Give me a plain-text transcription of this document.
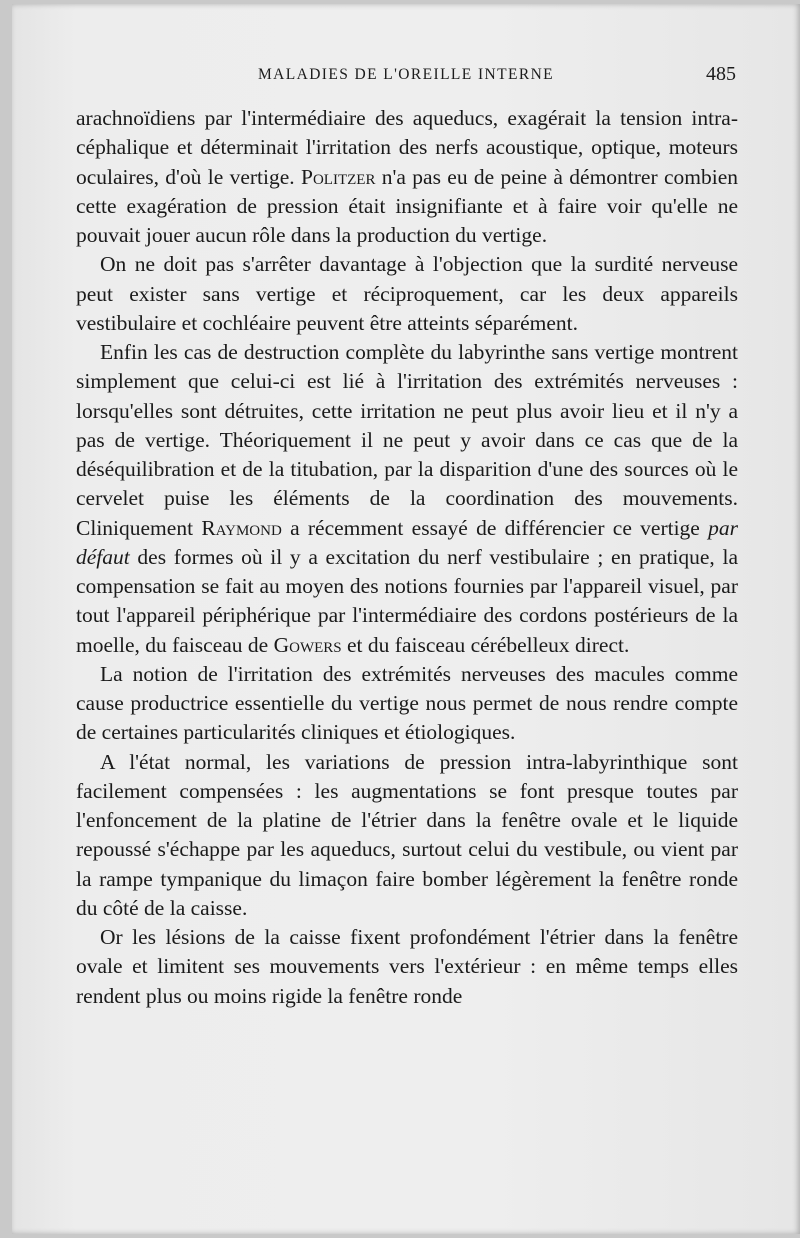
MALADIES DE L'OREILLE INTERNE	485

arachnoïdiens par l'intermédiaire des aqueducs, exagérait la tension intra-céphalique et déterminait l'irritation des nerfs acoustique, optique, moteurs oculaires, d'où le vertige. Politzer n'a pas eu de peine à démontrer combien cette exagération de pression était insignifiante et à faire voir qu'elle ne pouvait jouer aucun rôle dans la production du vertige.

On ne doit pas s'arrêter davantage à l'objection que la surdité nerveuse peut exister sans vertige et réciproquement, car les deux appareils vestibulaire et cochléaire peuvent être atteints séparément.

Enfin les cas de destruction complète du labyrinthe sans vertige montrent simplement que celui-ci est lié à l'irritation des extrémités nerveuses : lorsqu'elles sont détruites, cette irritation ne peut plus avoir lieu et il n'y a pas de vertige. Théoriquement il ne peut y avoir dans ce cas que de la déséquilibration et de la titubation, par la disparition d'une des sources où le cervelet puise les éléments de la coordination des mouvements. Cliniquement Raymond a récemment essayé de différencier ce vertige par défaut des formes où il y a excitation du nerf vestibulaire ; en pratique, la compensation se fait au moyen des notions fournies par l'appareil visuel, par tout l'appareil périphérique par l'intermédiaire des cordons postérieurs de la moelle, du faisceau de Gowers et du faisceau cérébelleux direct.

La notion de l'irritation des extrémités nerveuses des macules comme cause productrice essentielle du vertige nous permet de nous rendre compte de certaines particularités cliniques et étiologiques.

A l'état normal, les variations de pression intra-labyrinthique sont facilement compensées : les augmentations se font presque toutes par l'enfoncement de la platine de l'étrier dans la fenêtre ovale et le liquide repoussé s'échappe par les aqueducs, surtout celui du vestibule, ou vient par la rampe tympanique du limaçon faire bomber légèrement la fenêtre ronde du côté de la caisse.

Or les lésions de la caisse fixent profondément l'étrier dans la fenêtre ovale et limitent ses mouvements vers l'extérieur : en même temps elles rendent plus ou moins rigide la fenêtre ronde
